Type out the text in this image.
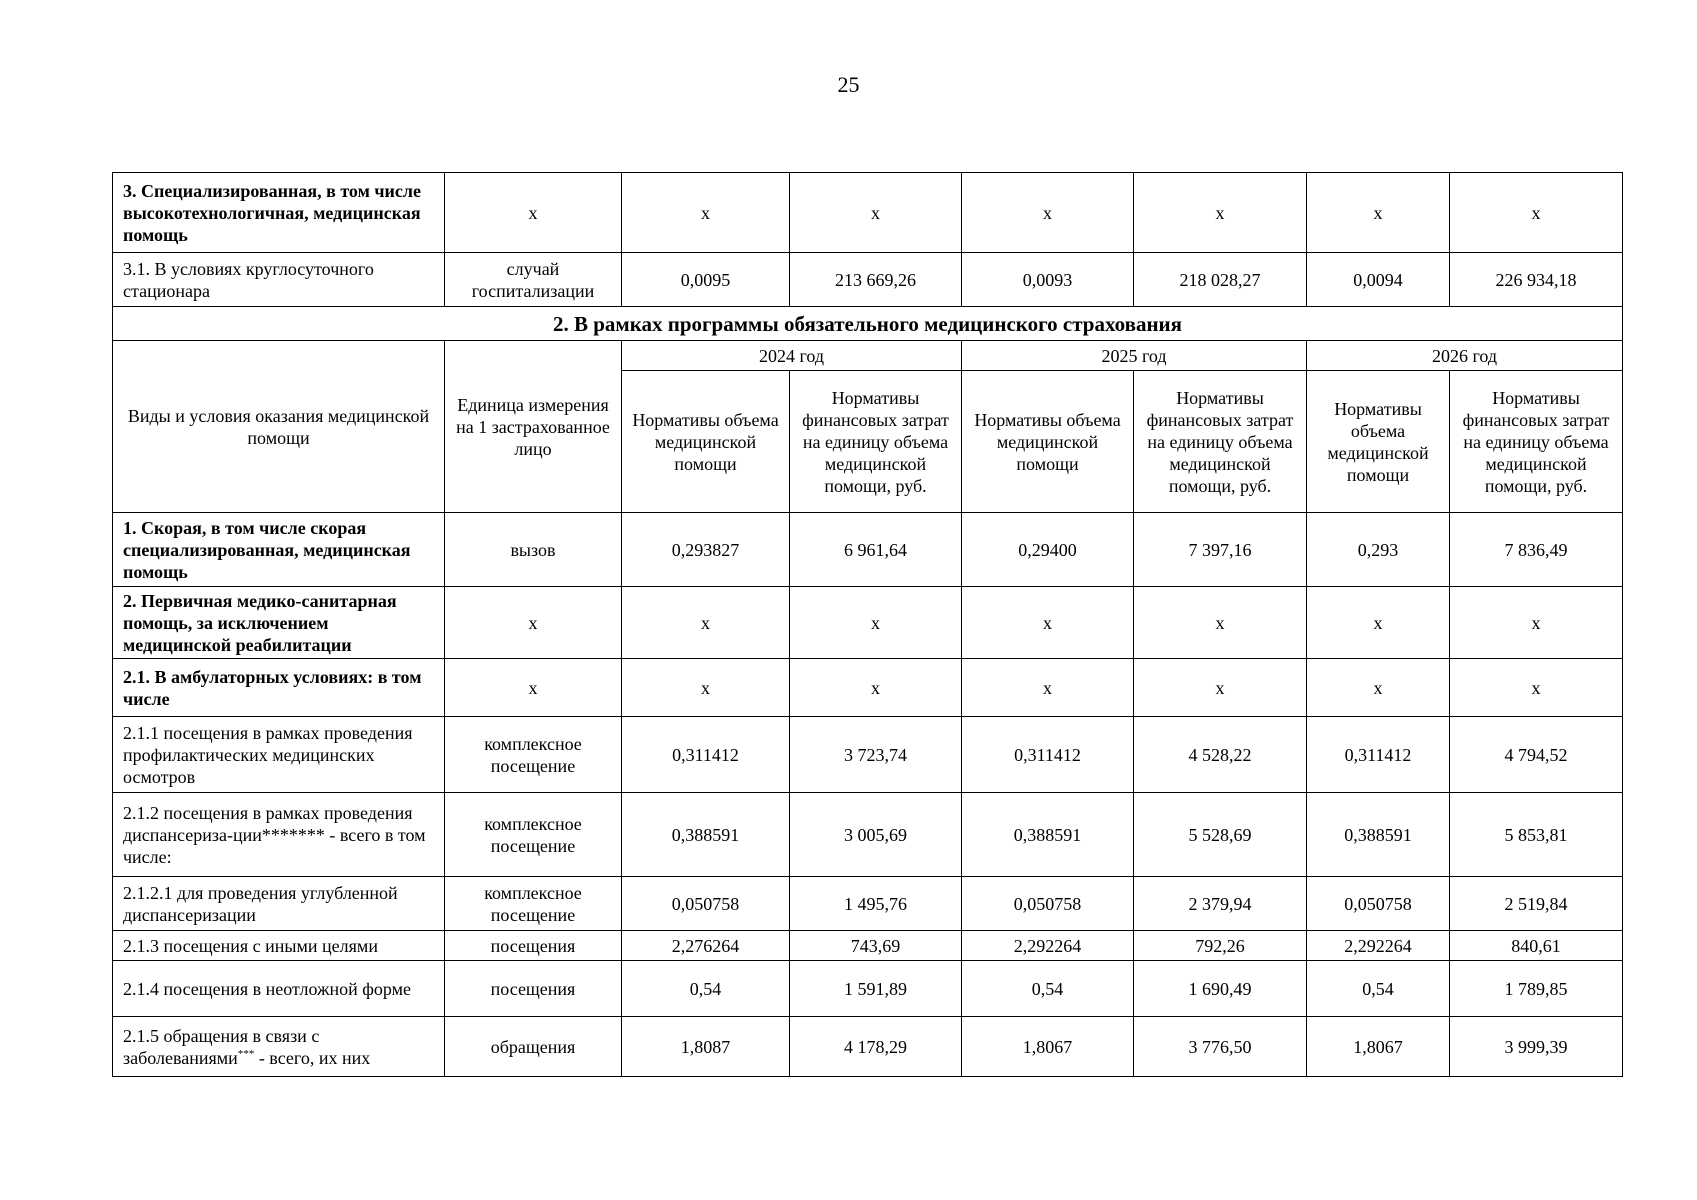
25
3. Специализированная, в том числе высокотехнологичная, медицинская помощь	х	х	х	х	х	х	х
3.1. В условиях круглосуточного стационара	случай госпитализации	0,0095	213 669,26	0,0093	218 028,27	0,0094	226 934,18
2. В рамках программы обязательного медицинского страхования							
Виды и условия оказания медицинской помощи	Единица измерения на 1 застрахованное лицо	2024 год		2025 год		2026 год	
		Нормативы объема медицинской помощи	Нормативы финансовых затрат на единицу объема медицинской помощи, руб.	Нормативы объема медицинской помощи	Нормативы финансовых затрат на единицу объема медицинской помощи, руб.	Нормативы объема медицинской помощи	Нормативы финансовых затрат на единицу объема медицинской помощи, руб.
1. Скорая, в том числе скорая специализированная, медицинская помощь	вызов	0,293827	6 961,64	0,29400	7 397,16	0,293	7 836,49
2. Первичная медико-санитарная помощь, за исключением медицинской реабилитации	х	х	х	х	х	х	х
2.1. В амбулаторных условиях: в том числе	х	х	х	х	х	х	х
2.1.1 посещения в рамках проведения профилактических медицинских осмотров	комплексное посещение	0,311412	3 723,74	0,311412	4 528,22	0,311412	4 794,52
2.1.2 посещения в рамках проведения диспансериза-ции******* - всего в том числе:	комплексное посещение	0,388591	3 005,69	0,388591	5 528,69	0,388591	5 853,81
2.1.2.1 для проведения углубленной диспансеризации	комплексное посещение	0,050758	1 495,76	0,050758	2 379,94	0,050758	2 519,84
2.1.3 посещения с иными целями	посещения	2,276264	743,69	2,292264	792,26	2,292264	840,61
2.1.4 посещения в неотложной форме	посещения	0,54	1 591,89	0,54	1 690,49	0,54	1 789,85
2.1.5 обращения в связи с заболеваниями*** - всего, их них	обращения	1,8087	4 178,29	1,8067	3 776,50	1,8067	3 999,39
